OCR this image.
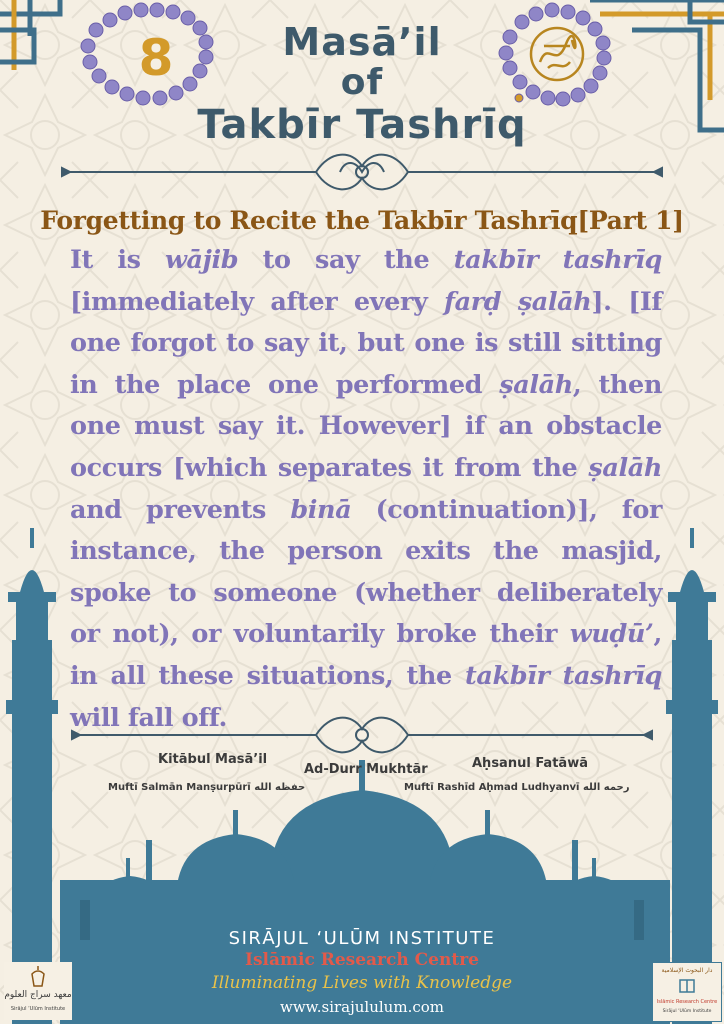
8	Masā’il
of
Takbīr Tashrīq
Forgetting to Recite the Takbīr Tashrīq[Part 1]
It is wājib to say the takbīr tashrīq [immediately after every farḍ ṣalāh]. [If one forgot to say it, but one is still sitting in the place one performed ṣalāh, then one must say it. However] if an obstacle occurs [which separates it from the ṣalāh and prevents binā (continuation)], for instance, the person exits the masjid, spoke to someone (whether deliberately or not), or voluntarily broke their wuḍū’, in all these situations, the takbīr tashrīq will fall off.
Kitābul Masā’il
Muftī Salmān Manṣurpūrī حفظه الله
Ad-Durr Mukhtār	Aḥsanul Fatāwā
Muftī Rashīd Aḥmad Ludhyanvī رحمه الله
SIRĀJUL ‘ULŪM INSTITUTE
Islāmic Research Centre
Illuminating Lives with Knowledge
www.sirajululum.com
معهد سراج العلوم
Sirājul ‘Ulūm Institute
دار البحوث الإسلامية
Islāmic Research Centre
Sirājul ‘Ulūm Institute
